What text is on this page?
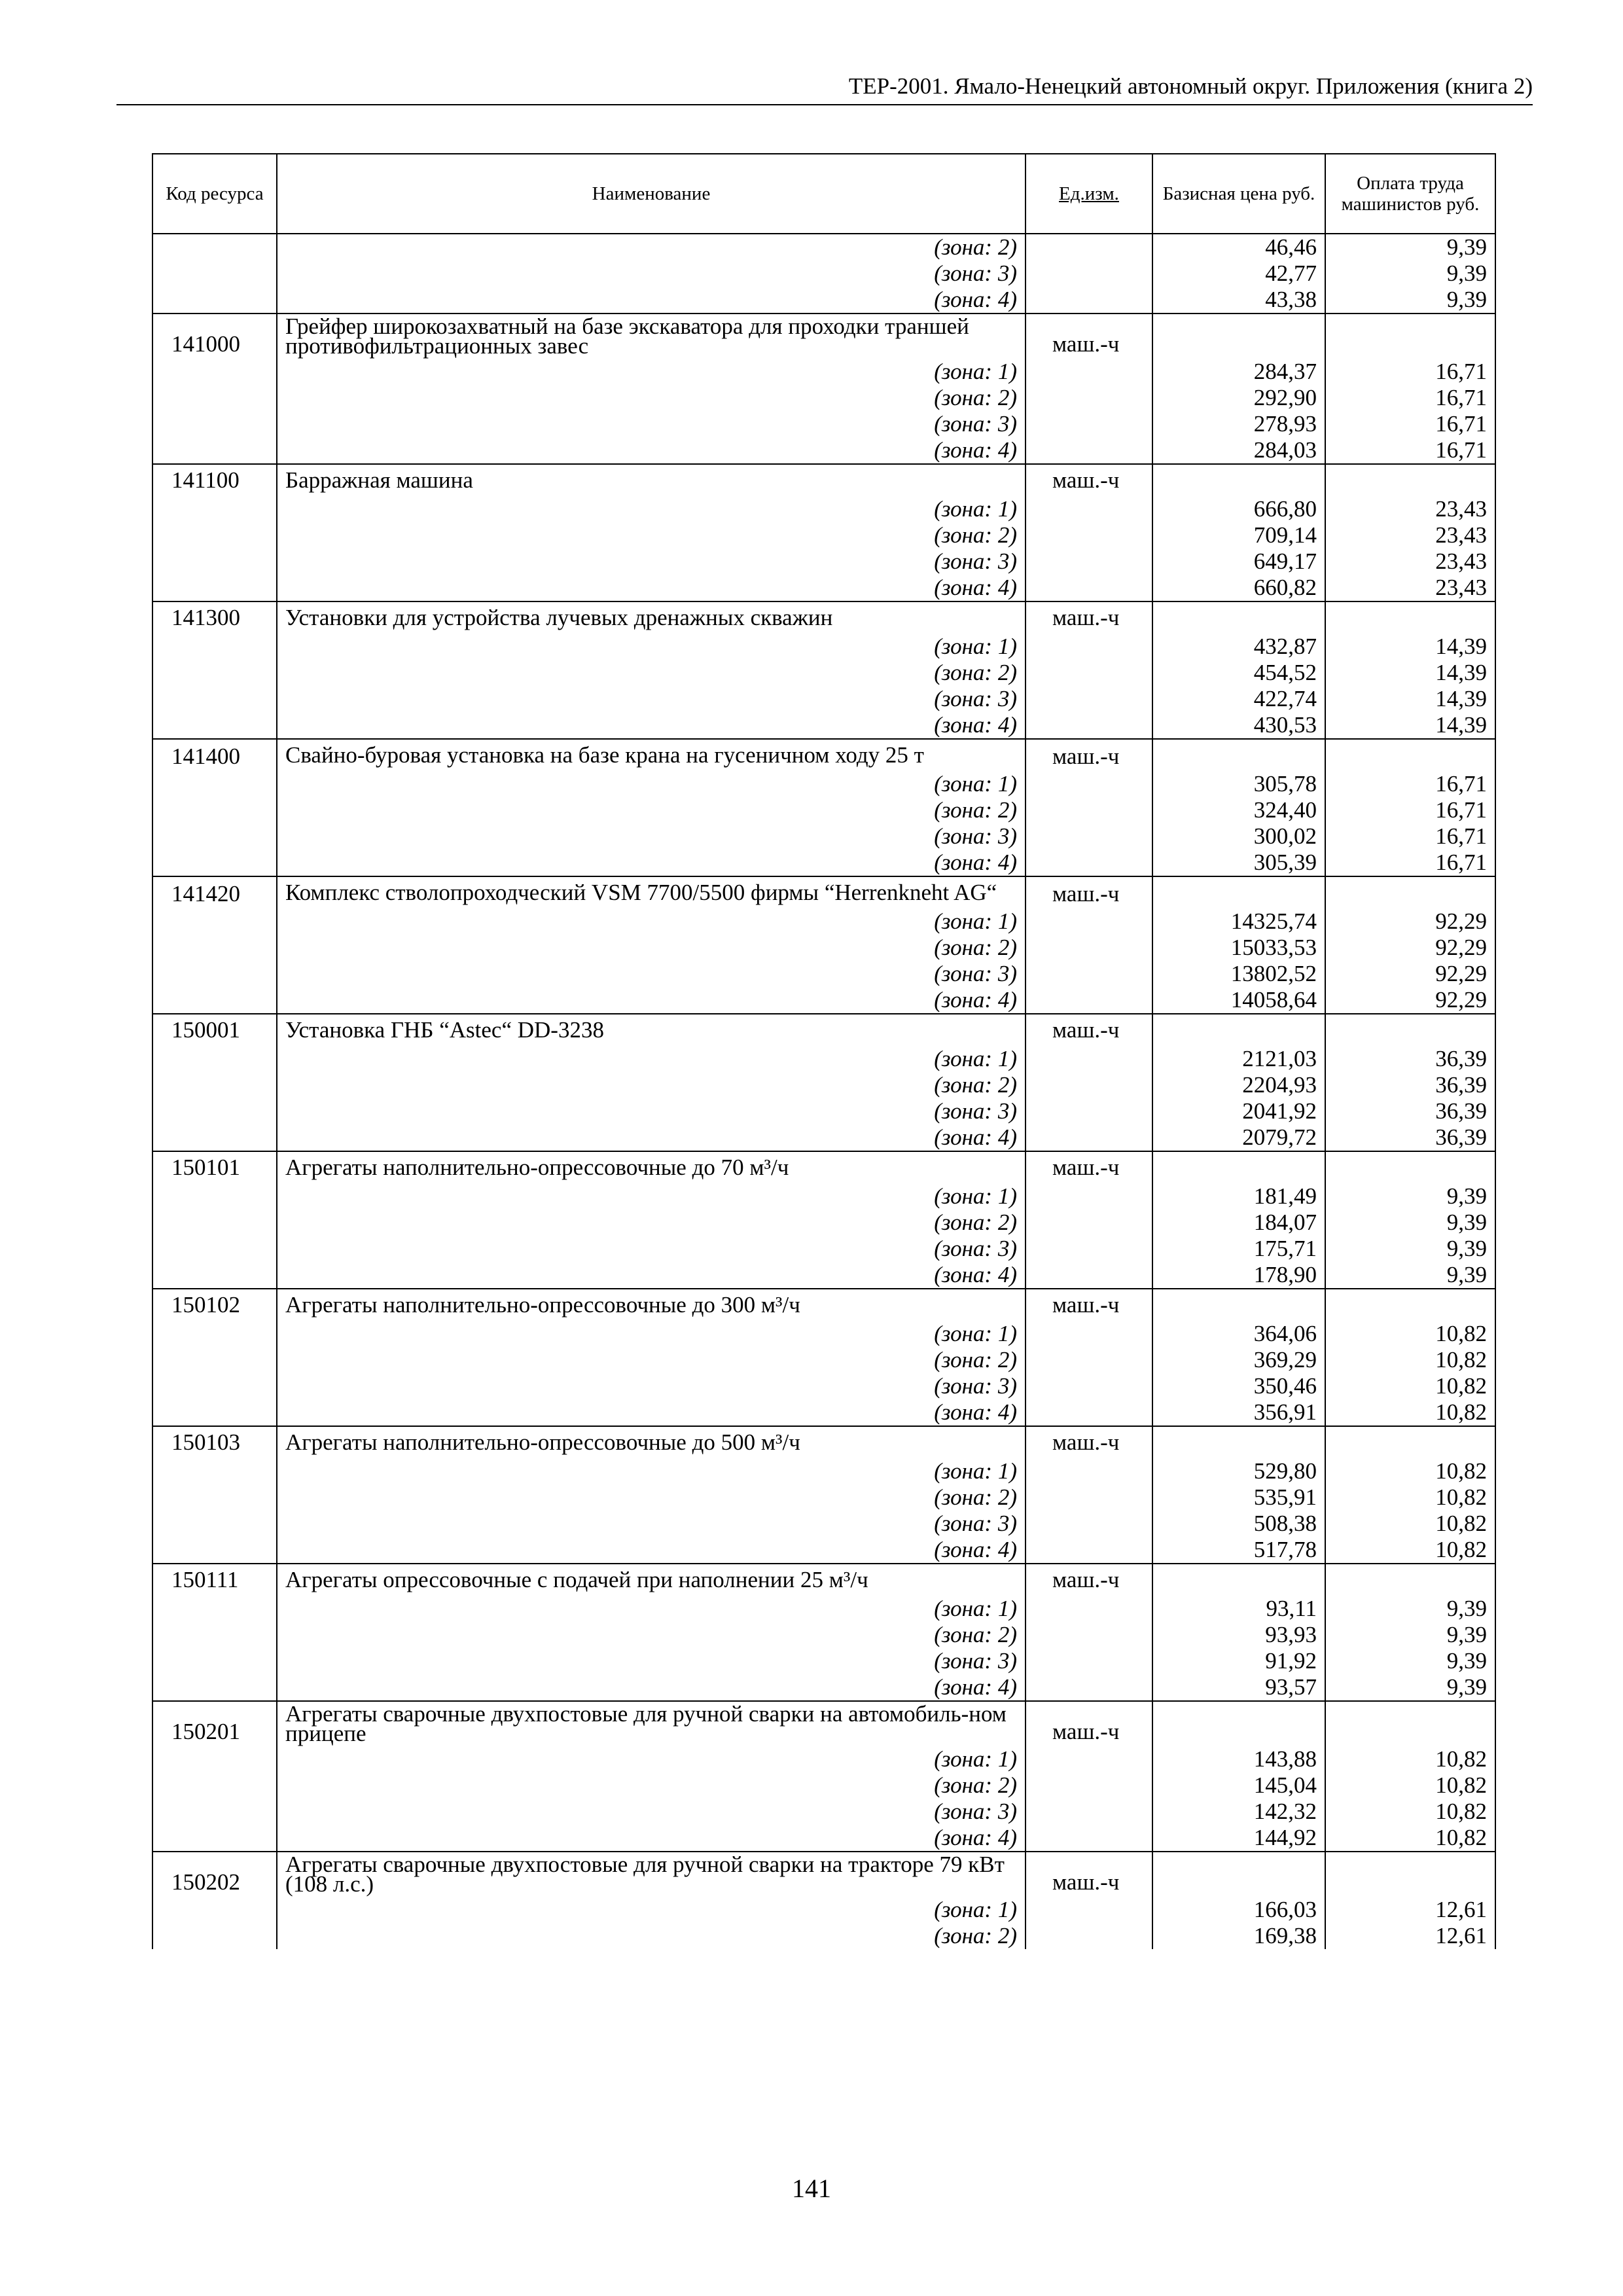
ТЕР-2001. Ямало-Ненецкий автономный округ. Приложения (книга 2)
Код ресурса	Наименование	Ед.изм.	Базисная цена руб.	Оплата труда машинистов руб.
	(зона: 2)		46,46	9,39
	(зона: 3)		42,77	9,39
	(зона: 4)		43,38	9,39
141000	Грейфер широкозахватный на базе экскаватора для проходки траншей противофильтрационных завес	маш.-ч		
	(зона: 1)		284,37	16,71
	(зона: 2)		292,90	16,71
	(зона: 3)		278,93	16,71
	(зона: 4)		284,03	16,71
141100	Барражная машина	маш.-ч		
	(зона: 1)		666,80	23,43
	(зона: 2)		709,14	23,43
	(зона: 3)		649,17	23,43
	(зона: 4)		660,82	23,43
141300	Установки для устройства лучевых дренажных скважин	маш.-ч		
	(зона: 1)		432,87	14,39
	(зона: 2)		454,52	14,39
	(зона: 3)		422,74	14,39
	(зона: 4)		430,53	14,39
141400	Свайно-буровая установка на базе крана на гусеничном ходу 25 т	маш.-ч		
	(зона: 1)		305,78	16,71
	(зона: 2)		324,40	16,71
	(зона: 3)		300,02	16,71
	(зона: 4)		305,39	16,71
141420	Комплекс стволопроходческий VSM 7700/5500 фирмы “Herrenkneht AG“	маш.-ч		
	(зона: 1)		14325,74	92,29
	(зона: 2)		15033,53	92,29
	(зона: 3)		13802,52	92,29
	(зона: 4)		14058,64	92,29
150001	Установка ГНБ “Astec“ DD-3238	маш.-ч		
	(зона: 1)		2121,03	36,39
	(зона: 2)		2204,93	36,39
	(зона: 3)		2041,92	36,39
	(зона: 4)		2079,72	36,39
150101	Агрегаты наполнительно-опрессовочные до 70 м³/ч	маш.-ч		
	(зона: 1)		181,49	9,39
	(зона: 2)		184,07	9,39
	(зона: 3)		175,71	9,39
	(зона: 4)		178,90	9,39
150102	Агрегаты наполнительно-опрессовочные до 300 м³/ч	маш.-ч		
	(зона: 1)		364,06	10,82
	(зона: 2)		369,29	10,82
	(зона: 3)		350,46	10,82
	(зона: 4)		356,91	10,82
150103	Агрегаты наполнительно-опрессовочные до 500 м³/ч	маш.-ч		
	(зона: 1)		529,80	10,82
	(зона: 2)		535,91	10,82
	(зона: 3)		508,38	10,82
	(зона: 4)		517,78	10,82
150111	Агрегаты опрессовочные с подачей при наполнении 25 м³/ч	маш.-ч		
	(зона: 1)		93,11	9,39
	(зона: 2)		93,93	9,39
	(зона: 3)		91,92	9,39
	(зона: 4)		93,57	9,39
150201	Агрегаты сварочные двухпостовые для ручной сварки на автомобиль-ном прицепе	маш.-ч		
	(зона: 1)		143,88	10,82
	(зона: 2)		145,04	10,82
	(зона: 3)		142,32	10,82
	(зона: 4)		144,92	10,82
150202	Агрегаты сварочные двухпостовые для ручной сварки на тракторе 79 кВт (108 л.с.)	маш.-ч		
	(зона: 1)		166,03	12,61
	(зона: 2)		169,38	12,61
141
